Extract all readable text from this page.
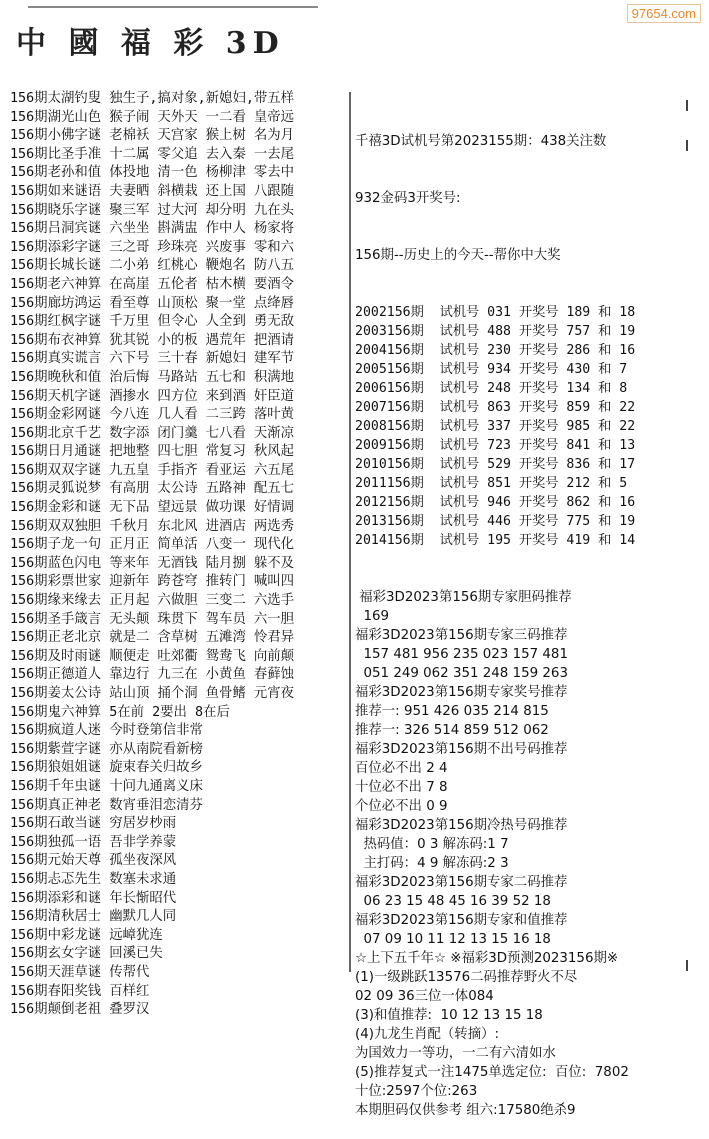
97654.com
中 國 福 彩 3D
156期太湖钓叟 独生子,搞对象,新媳妇,带五样
156期湖光山色 猴子闹 天外天 一二看 皇帝远
156期小佛字谜 老棉袄 天宫家 猴上树 名为月
156期比圣手准 十二属 零父追 去入秦 一去尾
156期老孙和值 体投地 清一色 杨柳津 零去中
156期如来谜语 夫妻晒 斜横栽 还上国 八跟随
156期晓乐字谜 聚三军 过大河 却分明 九在头
156期吕洞宾谜 六坐坐 斟满盅 作中人 杨家将
156期添彩字谜 三之哥 珍珠亮 兴废事 零和六
156期长城长谜 二小弟 红桃心 鞭炮名 防八五
156期老六神算 在高崖 五伦者 枯木横 要酒令
156期廊坊鸿运 看至尊 山顶松 聚一堂 点绛唇
156期红枫字谜 千万里 但令心 人全到 勇无敌
156期布衣神算 犹其锐 小的板 遇荒年 把酒请
156期真实谎言 六下号 三十春 新媳妇 建军节
156期晚秋和值 治后悔 马路站 五七和 积满地
156期天机字谜 酒掺水 四方位 来到酒 奸臣道
156期金彩网谜 今八连 几人看 二三跨 落叶黄
156期北京千艺 数字添 闭门羹 七八看 天渐凉
156期日月通谜 把地整 四七胆 常复习 秋风起
156期双双字谜 九五皇 手指齐 看亚运 六五尾
156期灵狐说梦 有高朋 太公诗 五路神 配五七
156期金彩和谜 无下品 望远景 做功课 好情调
156期双双独胆 千秋月 东北风 进酒店 两选秀
156期子龙一句 正月正 简单活 八变一 现代化
156期蓝色闪电 等来年 无酒钱 陆月捌 躲不及
156期彩票世家 迎新年 跨苍穹 推转门 喊叫四
156期缘来缘去 正月起 六做胆 三变二 六选手
156期圣手箴言 无头颠 珠贯下 驾车员 六一胆
156期正老北京 就是二 含草树 五滩湾 怜君异
156期及时雨谜 顺便走 吐郊衢 鸳鸯飞 向前颠
156期正德道人 靠边行 九三在 小黄鱼 春藓蚀
156期姜太公诗 站山顶 捅个洞 鱼骨鳍 元宵夜
156期鬼六神算 5在前 2要出 8在后
156期疯道人迷 今时登第信非常
156期紫萱字谜 亦从南院看新榜
156期狼姐姐谜 旋束春关归故乡
156期千年虫谜 十问九通离义床
156期真正神老 数宵垂泪恋清芬
156期石敢当谜 穷居岁杪雨
156期独孤一语 吾非学养蒙
156期元始天尊 孤坐夜深风
156期忐忑先生 数塞未求通
156期添彩和谜 年长惭昭代
156期清秋居士 幽默几人同
156期中彩龙谜 远嶂犹连
156期玄女字谜 回溪已失
156期天涯草谜 传帮代
156期春阳奖钱 百样红
156期颠倒老祖 叠罗汉

千禧3D试机号第2023155期：438关注数

932金码3开奖号:

156期--历史上的今天--帮你中大奖

2002156期  试机号 031 开奖号 189 和 18
2003156期  试机号 488 开奖号 757 和 19
2004156期  试机号 230 开奖号 286 和 16
2005156期  试机号 934 开奖号 430 和 7
2006156期  试机号 248 开奖号 134 和 8
2007156期  试机号 863 开奖号 859 和 22
2008156期  试机号 337 开奖号 985 和 22
2009156期  试机号 723 开奖号 841 和 13
2010156期  试机号 529 开奖号 836 和 17
2011156期  试机号 851 开奖号 212 和 5
2012156期  试机号 946 开奖号 862 和 16
2013156期  试机号 446 开奖号 775 和 19
2014156期  试机号 195 开奖号 419 和 14

福彩3D2023第156期专家胆码推荐
169
福彩3D2023第156期专家三码推荐
157 481 956 235 023 157 481
051 249 062 351 248 159 263
福彩3D2023第156期专家奖号推荐
推荐一: 951 426 035 214 815
推荐一: 326 514 859 512 062
福彩3D2023第156期不出号码推荐
百位必不出 2 4
十位必不出 7 8
个位必不出 0 9
福彩3D2023第156期冷热号码推荐
热码值：0 3 解冻码:1 7
主打码：4 9 解冻码:2 3
福彩3D2023第156期专家二码推荐
06 23 15 48 45 16 39 52 18
福彩3D2023第156期专家和值推荐
07 09 10 11 12 13 15 16 18
☆上下五千年☆ ※福彩3D预测2023156期※
(1)一级跳跃13576二码推荐野火不尽
02 09 36三位一体084
(3)和值推荐:  10 12 13 15 18
(4)九龙生肖配（转摘）:
为国效力一等功，一二有六清如水
(5)推荐复式一注1475单选定位:  百位:  7802
十位:2597个位:263
本期胆码仅供参考 组六:17580绝杀9
